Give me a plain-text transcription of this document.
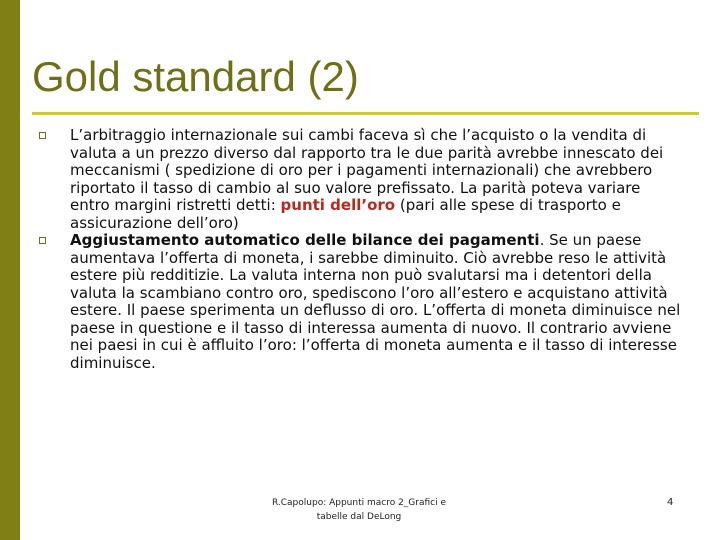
Gold standard (2)

L’arbitraggio internazionale sui cambi faceva sì che l’acquisto o la vendita di valuta a un prezzo diverso dal rapporto tra le due parità avrebbe innescato dei meccanismi ( spedizione di oro per i pagamenti internazionali) che avrebbero riportato il tasso di cambio al suo valore prefissato. La parità poteva variare entro margini ristretti detti: punti dell’oro (pari alle spese di trasporto e assicurazione dell’oro)

Aggiustamento automatico delle bilance dei pagamenti. Se un paese aumentava l’offerta di moneta, i sarebbe diminuito. Ciò avrebbe reso le attività estere più redditizie. La valuta interna non può svalutarsi ma i detentori della valuta la scambiano contro oro, spediscono l’oro all’estero e acquistano attività estere. Il paese sperimenta un deflusso di oro. L’offerta di moneta diminuisce nel paese in questione e il tasso di interessa aumenta di nuovo. Il contrario avviene nei paesi in cui è affluito l’oro: l’offerta di moneta aumenta e il tasso di interesse diminuisce.

R.Capolupo: Appunti macro 2_Grafici e
tabelle dal DeLong
4
